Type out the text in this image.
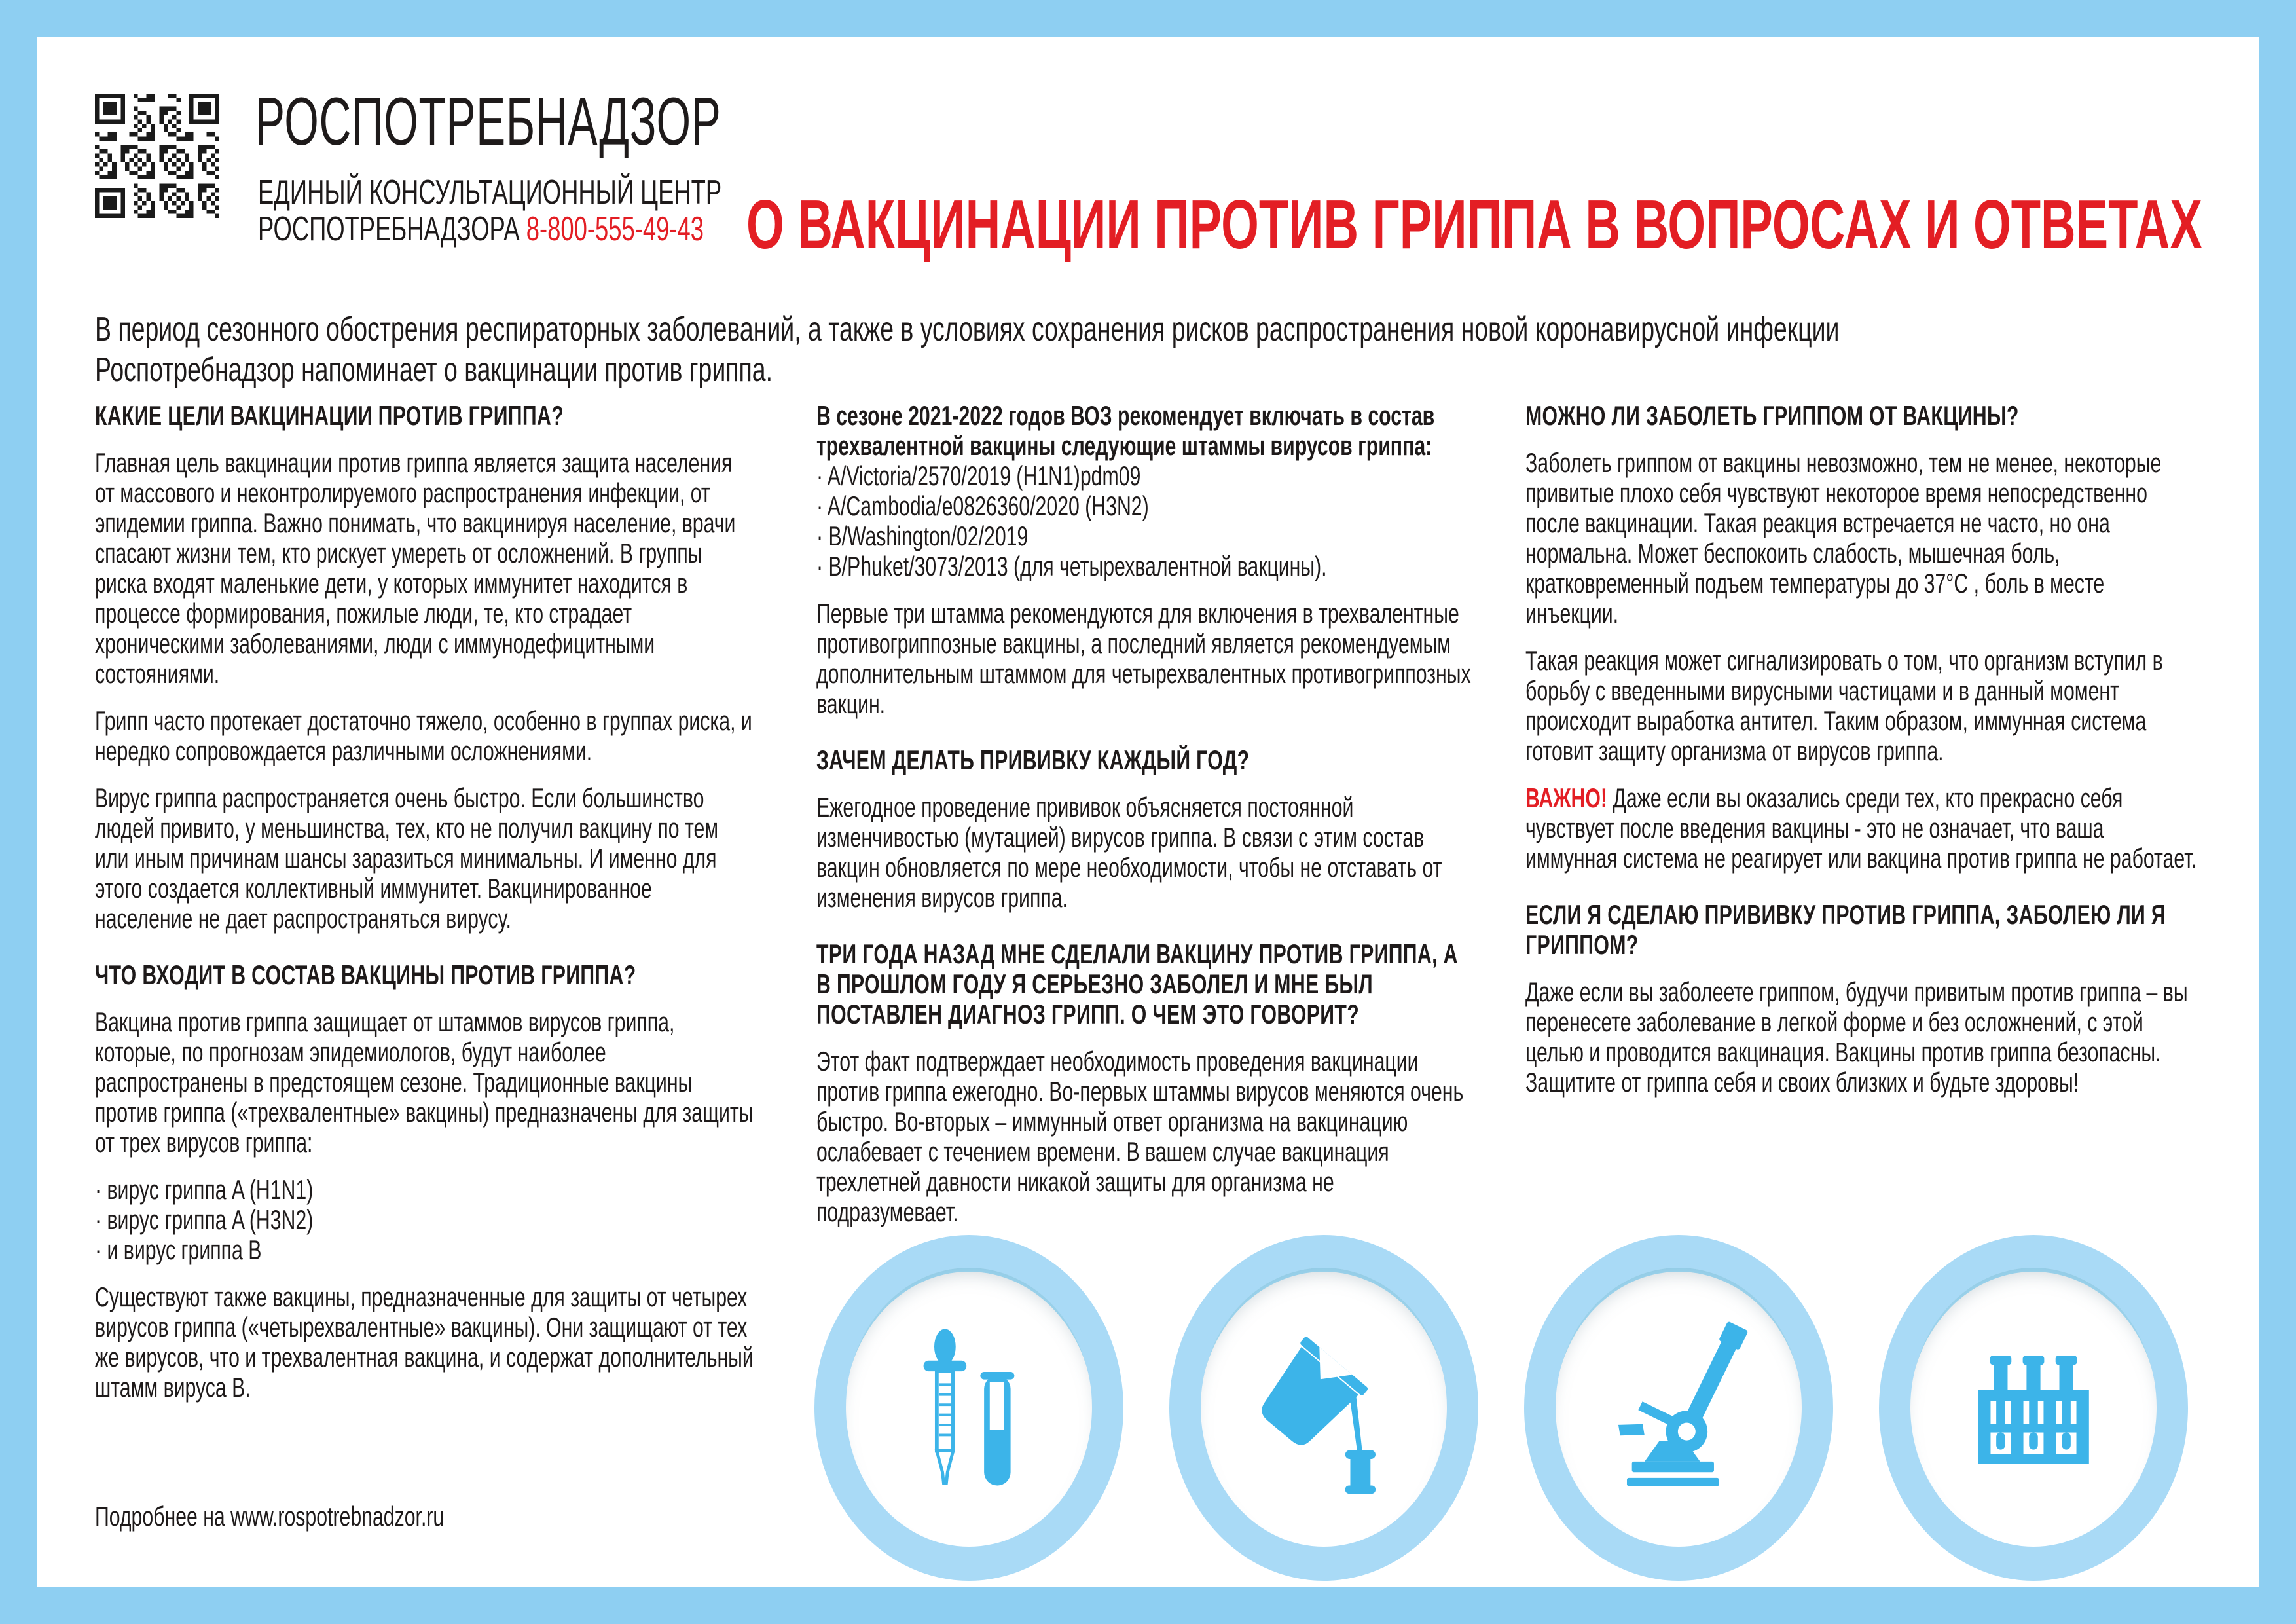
РОСПОТРЕБНАДЗОР
ЕДИНЫЙ КОНСУЛЬТАЦИОННЫЙ ЦЕНТР
РОСПОТРЕБНАДЗОРА 8-800-555-49-43 О ВАКЦИНАЦИИ ПРОТИВ ГРИППА В ВОПРОСАХ И ОТВЕТАХ

В период сезонного обострения респираторных заболеваний, а также в условиях сохранения рисков распространения новой коронавирусной инфекции Роспотребнадзор напоминает о вакцинации против гриппа.

КАКИЕ ЦЕЛИ ВАКЦИНАЦИИ ПРОТИВ ГРИППА?

Главная цель вакцинации против гриппа является защита населения от массового и неконтролируемого распространения инфекции, от эпидемии гриппа. Важно понимать, что вакцинируя население, врачи спасают жизни тем, кто рискует умереть от осложнений. В группы риска входят маленькие дети, у которых иммунитет находится в процессе формирования, пожилые люди, те, кто страдает хроническими заболеваниями, люди с иммунодефицитными состояниями.

Грипп часто протекает достаточно тяжело, особенно в группах риска, и нередко сопровождается различными осложнениями.

Вирус гриппа распространяется очень быстро. Если большинство людей привито, у меньшинства, тех, кто не получил вакцину по тем или иным причинам шансы заразиться минимальны. И именно для этого создается коллективный иммунитет. Вакцинированное население не дает распространяться вирусу.

ЧТО ВХОДИТ В СОСТАВ ВАКЦИНЫ ПРОТИВ ГРИППА?

Вакцина против гриппа защищает от штаммов вирусов гриппа, которые, по прогнозам эпидемиологов, будут наиболее распространены в предстоящем сезоне. Традиционные вакцины против гриппа («трехвалентные» вакцины) предназначены для защиты от трех вирусов гриппа:

· вирус гриппа A (H1N1)
· вирус гриппа A (H3N2)
· и вирус гриппа B

Существуют также вакцины, предназначенные для защиты от четырех вирусов гриппа («четырехвалентные» вакцины). Они защищают от тех же вирусов, что и трехвалентная вакцина, и содержат дополнительный штамм вируса B.

В сезоне 2021-2022 годов ВОЗ рекомендует включать в состав трехвалентной вакцины следующие штаммы вирусов гриппа:

· A/Victoria/2570/2019 (H1N1)pdm09
· A/Cambodia/e0826360/2020 (H3N2)
· B/Washington/02/2019
· B/Phuket/3073/2013 (для четырехвалентной вакцины).

Первые три штамма рекомендуются для включения в трехвалентные противогриппозные вакцины, а последний является рекомендуемым дополнительным штаммом для четырехвалентных противогриппозных вакцин.

ЗАЧЕМ ДЕЛАТЬ ПРИВИВКУ КАЖДЫЙ ГОД?

Ежегодное проведение прививок объясняется постоянной изменчивостью (мутацией) вирусов гриппа. В связи с этим состав вакцин обновляется по мере необходимости, чтобы не отставать от изменения вирусов гриппа.

ТРИ ГОДА НАЗАД МНЕ СДЕЛАЛИ ВАКЦИНУ ПРОТИВ ГРИППА, А В ПРОШЛОМ ГОДУ Я СЕРЬЕЗНО ЗАБОЛЕЛ И МНЕ БЫЛ ПОСТАВЛЕН ДИАГНОЗ ГРИПП. О ЧЕМ ЭТО ГОВОРИТ?

Этот факт подтверждает необходимость проведения вакцинации против гриппа ежегодно. Во-первых штаммы вирусов меняются очень быстро. Во-вторых – иммунный ответ организма на вакцинацию ослабевает с течением времени. В вашем случае вакцинация трехлетней давности никакой защиты для организма не подразумевает.

МОЖНО ЛИ ЗАБОЛЕТЬ ГРИППОМ ОТ ВАКЦИНЫ?

Заболеть гриппом от вакцины невозможно, тем не менее, некоторые привитые плохо себя чувствуют некоторое время непосредственно после вакцинации. Такая реакция встречается не часто, но она нормальна. Может беспокоить слабость, мышечная боль, кратковременный подъем температуры до 37°С , боль в месте инъекции.

Такая реакция может сигнализировать о том, что организм вступил в борьбу с введенными вирусными частицами и в данный момент происходит выработка антител. Таким образом, иммунная система готовит защиту организма от вирусов гриппа.

ВАЖНО! Даже если вы оказались среди тех, кто прекрасно себя чувствует после введения вакцины - это не означает, что ваша иммунная система не реагирует или вакцина против гриппа не работает.

ЕСЛИ Я СДЕЛАЮ ПРИВИВКУ ПРОТИВ ГРИППА, ЗАБОЛЕЮ ЛИ Я ГРИППОМ?

Даже если вы заболеете гриппом, будучи привитым против гриппа – вы перенесете заболевание в легкой форме и без осложнений, с этой целью и проводится вакцинация. Вакцины против гриппа безопасны. Защитите от гриппа себя и своих близких и будьте здоровы!

Подробнее на www.rospotrebnadzor.ru
